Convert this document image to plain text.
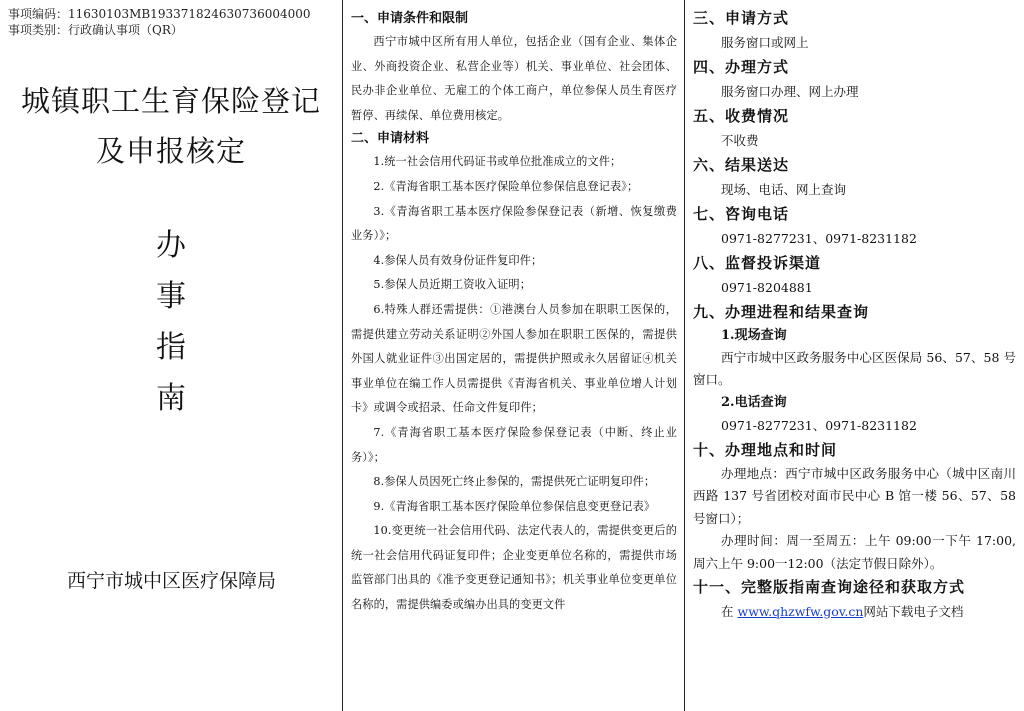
事项编码：11630103MB19337182463073600400​0
事项类别：行政确认事项（QR）
城镇职工生育保险登记
及申报核定
办
事
指
南
西宁市城中区医疗保障局
一、申请条件和限制
西宁市城中区所有用人单位，包括企业（国有企业、集体企业、外商投资企业、私营企业等）机关、事业单位、社会团体、民办非企业单位、无雇工的个体工商户，单位参保人员生育医疗暂停、再续保、单位费用核定。
二、申请材料
1.统一社会信用代码证书或单位批准成立的文件；
2.《青海省职工基本医疗保险单位参保信息登记表》；
3.《青海省职工基本医疗保险参保登记表（新增、恢复缴费业务）》；
4.参保人员有效身份证件复印件；
5.参保人员近期工资收入证明；
6.特殊人群还需提供：①港澳台人员参加在职职工医保的，需提供建立劳动关系证明②外国人参加在职职工医保的，需提供外国人就业证件③出国定居的，需提供护照或永久居留证④机关事业单位在编工作人员需提供《青海省机关、事业单位增人计划卡》或调令或招录、任命文件复印件；
7.《青海省职工基本医疗保险参保登记表（中断、终止业务）》；
8.参保人员因死亡终止参保的，需提供死亡证明复印件；
9.《青海省职工基本医疗保险单位参保信息变更登记表》
10.变更统一社会信用代码、法定代表人的，需提供变更后的统一社会信用代码证复印件；企业变更单位名称的，需提供市场监管部门出具的《准予变更登记通知书》；机关事业单位变更单位名称的，需提供编委或编办出具的变更文件
三、申请方式
服务窗口或网上
四、办理方式
服务窗口办理、网上办理
五、收费情况
不收费
六、结果送达
现场、电话、网上查询
七、咨询电话
0971-8277231、0971-8231182
八、监督投诉渠道
0971-8204881
九、办理进程和结果查询
1.现场查询
西宁市城中区政务服务中心区医保局 56、57、58 号窗口。
2.电话查询
0971-8277231、0971-8231182
十、办理地点和时间
办理地点：西宁市城中区政务服务中心（城中区南川西路 137 号省团校对面市民中心 B 馆一楼 56、57、58 号窗口）；
办理时间：周一至周五：上午 09:00一下午 17:00, 周六上午 9:00一12:00（法定节假日除外）。
十一、完整版指南查询途径和获取方式
在 www.qhzwfw.gov.cn网站下载电子文档
